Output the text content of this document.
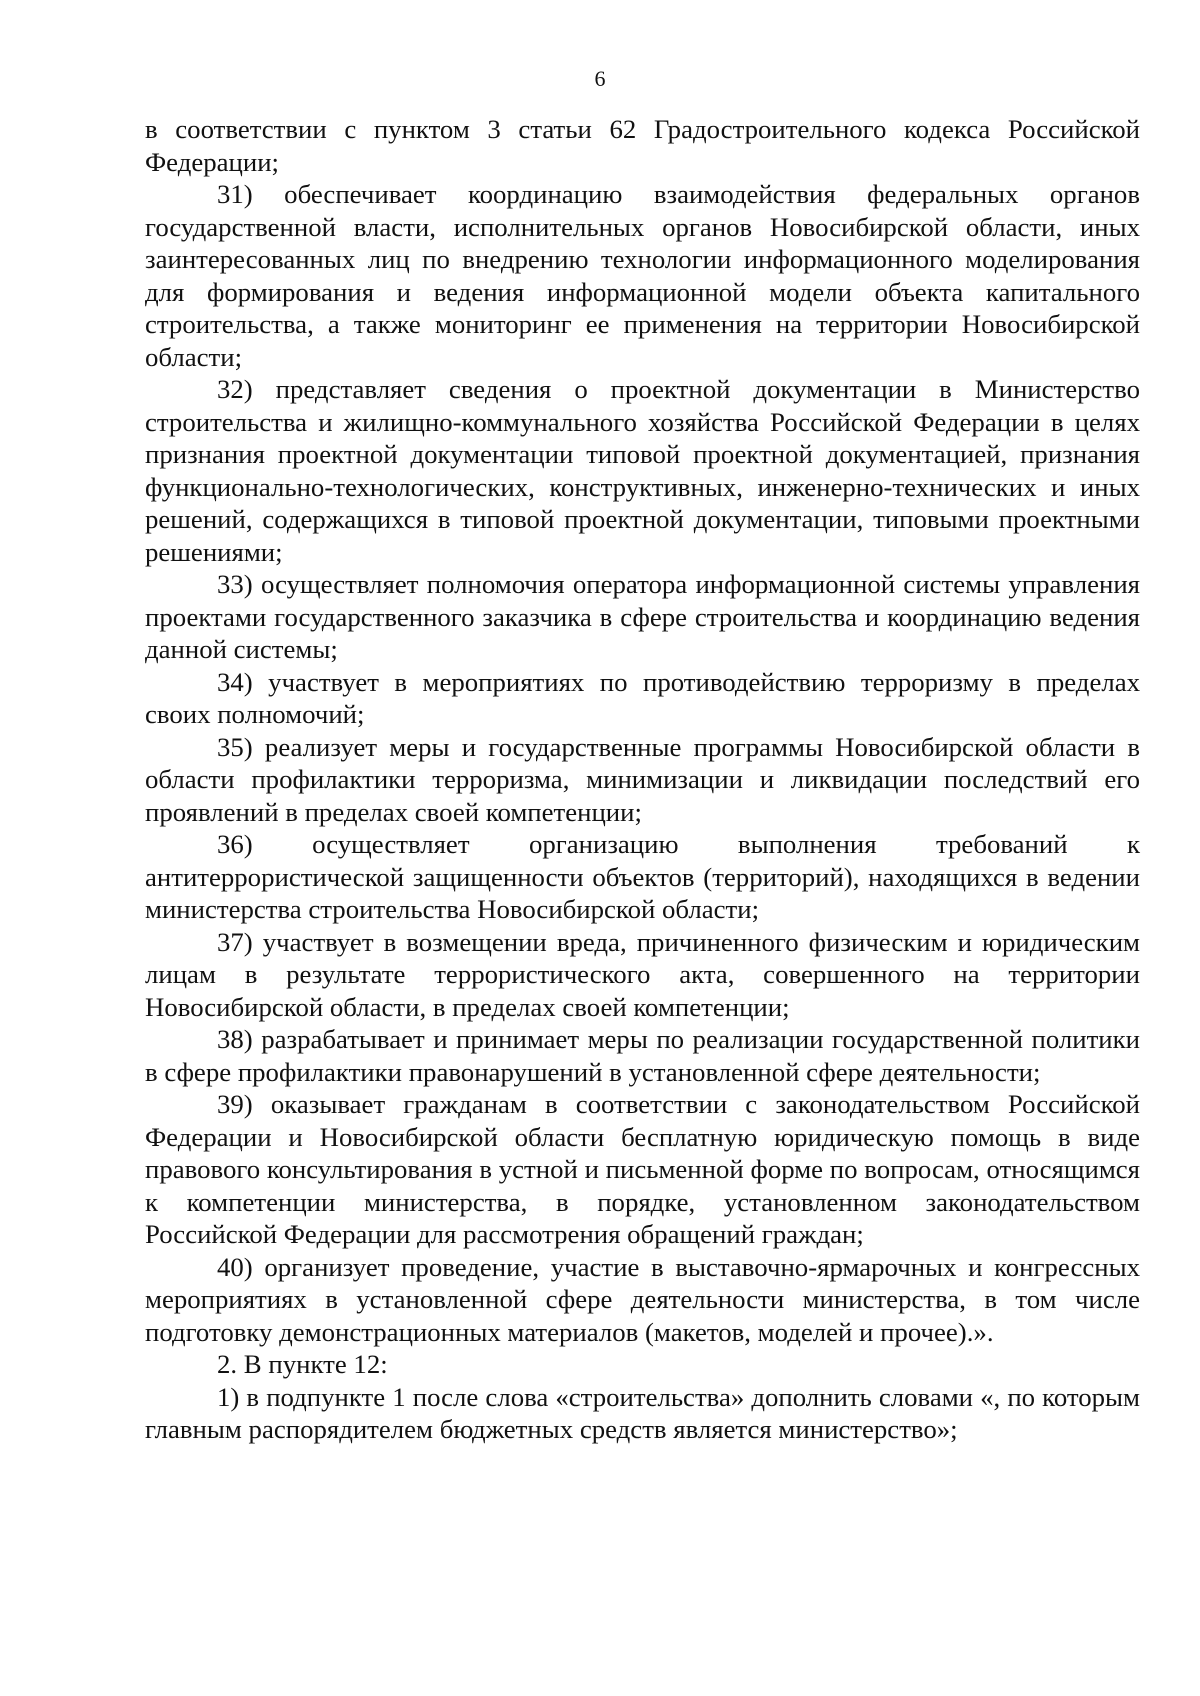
6

в соответствии с пунктом 3 статьи 62 Градостроительного кодекса Российской Федерации;

31) обеспечивает координацию взаимодействия федеральных органов государственной власти, исполнительных органов Новосибирской области, иных заинтересованных лиц по внедрению технологии информационного моделирования для формирования и ведения информационной модели объекта капитального строительства, а также мониторинг ее применения на территории Новосибирской области;

32) представляет сведения о проектной документации в Министерство строительства и жилищно-коммунального хозяйства Российской Федерации в целях признания проектной документации типовой проектной документацией, признания функционально-технологических, конструктивных, инженерно-технических и иных решений, содержащихся в типовой проектной документации, типовыми проектными решениями;

33) осуществляет полномочия оператора информационной системы управления проектами государственного заказчика в сфере строительства и координацию ведения данной системы;

34) участвует в мероприятиях по противодействию терроризму в пределах своих полномочий;

35) реализует меры и государственные программы Новосибирской области в области профилактики терроризма, минимизации и ликвидации последствий его проявлений в пределах своей компетенции;

36) осуществляет организацию выполнения требований к антитеррористической защищенности объектов (территорий), находящихся в ведении министерства строительства Новосибирской области;

37) участвует в возмещении вреда, причиненного физическим и юридическим лицам в результате террористического акта, совершенного на территории Новосибирской области, в пределах своей компетенции;

38) разрабатывает и принимает меры по реализации государственной политики в сфере профилактики правонарушений в установленной сфере деятельности;

39) оказывает гражданам в соответствии с законодательством Российской Федерации и Новосибирской области бесплатную юридическую помощь в виде правового консультирования в устной и письменной форме по вопросам, относящимся к компетенции министерства, в порядке, установленном законодательством Российской Федерации для рассмотрения обращений граждан;

40) организует проведение, участие в выставочно-ярмарочных и конгрессных мероприятиях в установленной сфере деятельности министерства, в том числе подготовку демонстрационных материалов (макетов, моделей и прочее).».

2. В пункте 12:

1) в подпункте 1 после слова «строительства» дополнить словами «, по которым главным распорядителем бюджетных средств является министерство»;
